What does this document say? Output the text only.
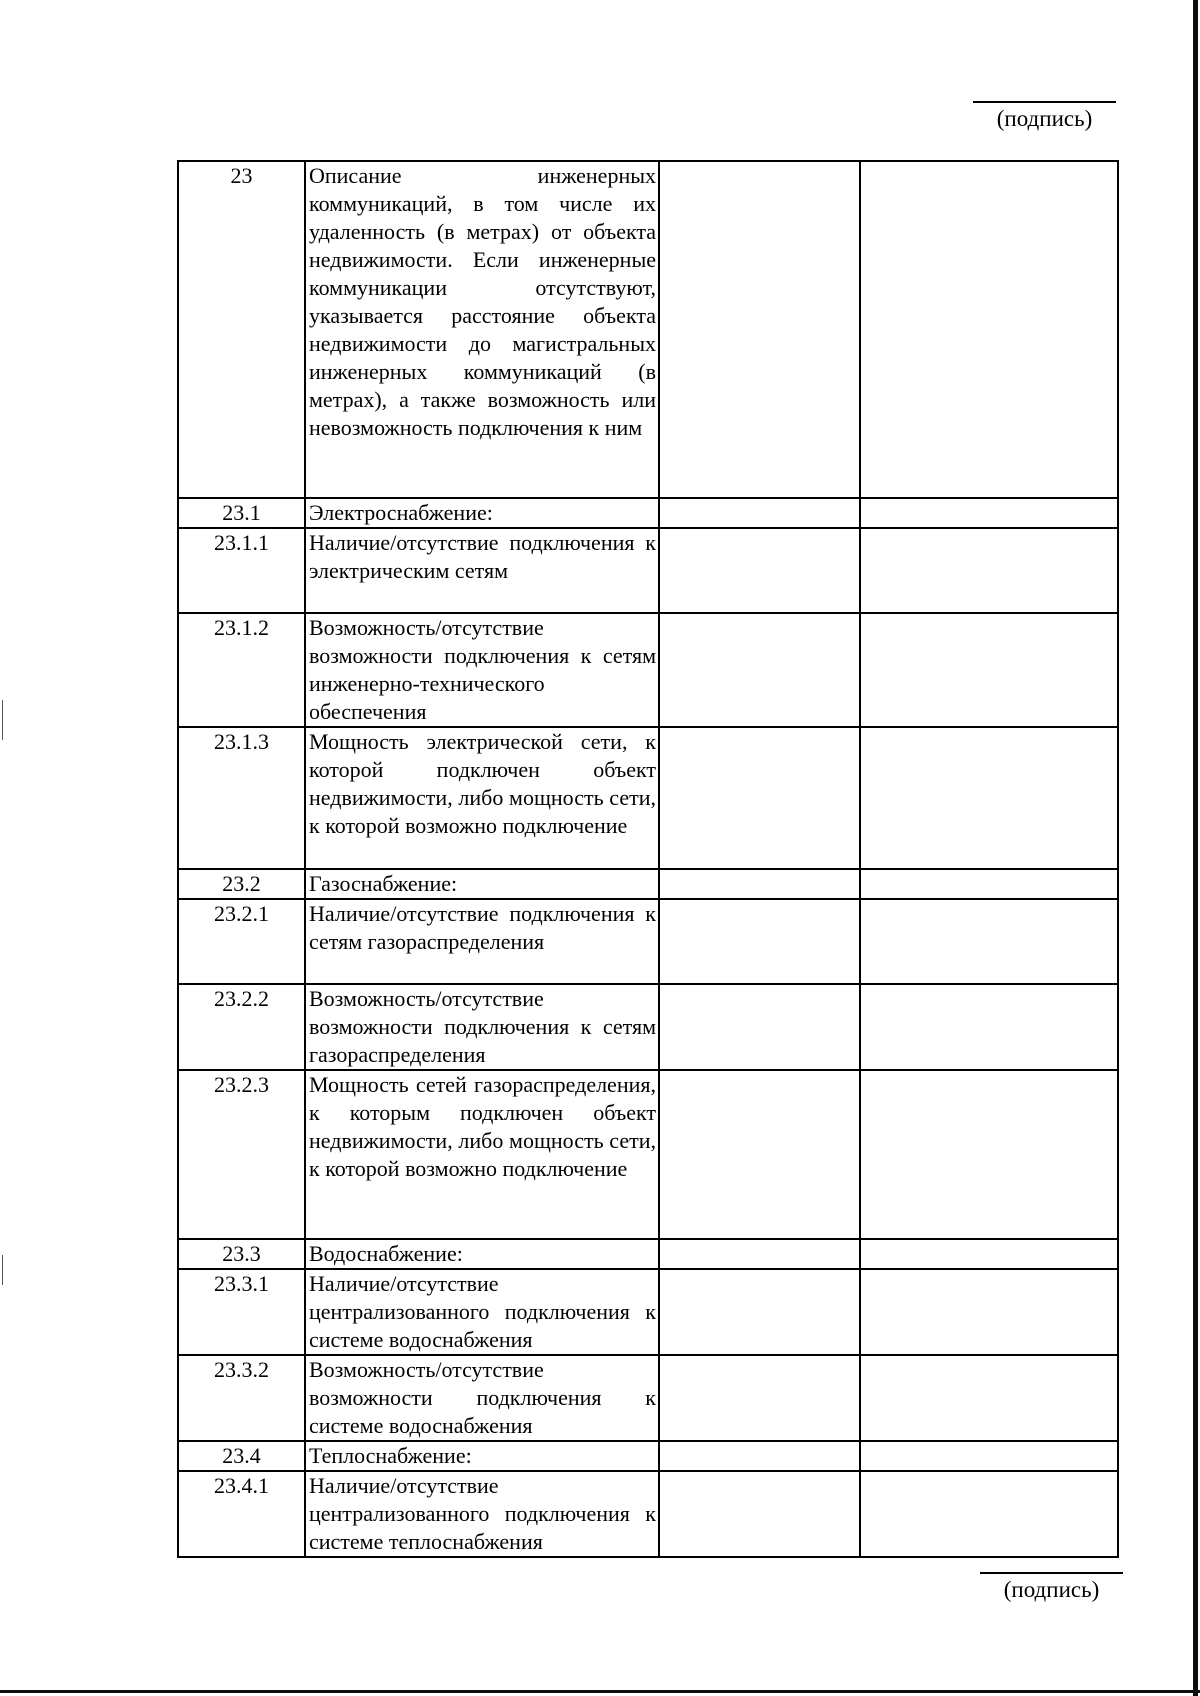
(подпись)
23	Описание инженерных коммуникаций, в том числе их удаленность (в метрах) от объекта недвижимости. Если инженерные коммуникации отсутствуют, указывается расстояние объекта недвижимости до магистральных инженерных коммуникаций (в метрах), а также возможность или невозможность подключения к ним		

23.1	Электроснабжение:		

23.1.1	Наличие/отсутствие подключения к электрическим сетям		

23.1.2	Возможность/отсутствие возможности подключения к сетям инженерно-технического обеспечения		

23.1.3	Мощность электрической сети, к которой подключен объект недвижимости, либо мощность сети, к которой возможно подключение		

23.2	Газоснабжение:		

23.2.1	Наличие/отсутствие подключения к сетям газораспределения		

23.2.2	Возможность/отсутствие возможности подключения к сетям газораспределения		

23.2.3	Мощность сетей газораспределения, к которым подключен объект недвижимости, либо мощность сети, к которой возможно подключение		

23.3	Водоснабжение:		

23.3.1	Наличие/отсутствие централизованного подключения к системе водоснабжения		

23.3.2	Возможность/отсутствие возможности подключения к системе водоснабжения		

23.4	Теплоснабжение:		

23.4.1	Наличие/отсутствие централизованного подключения к системе теплоснабжения		

(подпись)
